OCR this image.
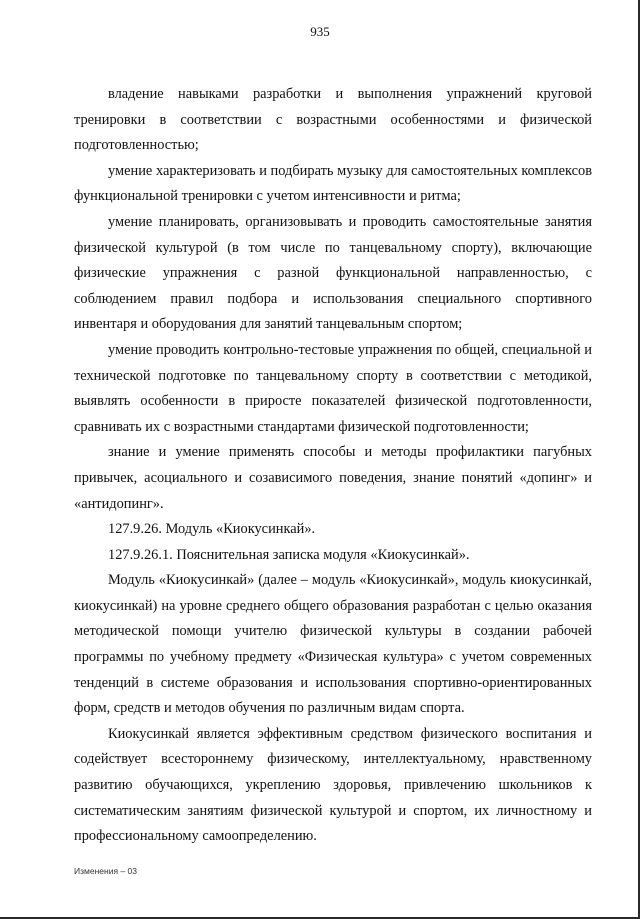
935

владение навыками разработки и выполнения упражнений круговой тренировки в соответствии с возрастными особенностями и физической подготовленностью;

умение характеризовать и подбирать музыку для самостоятельных комплексов функциональной тренировки с учетом интенсивности и ритма;

умение планировать, организовывать и проводить самостоятельные занятия физической культурой (в том числе по танцевальному спорту), включающие физические упражнения с разной функциональной направленностью, с соблюдением правил подбора и использования специального спортивного инвентаря и оборудования для занятий танцевальным спортом;

умение проводить контрольно-тестовые упражнения по общей, специальной и технической подготовке по танцевальному спорту в соответствии с методикой, выявлять особенности в приросте показателей физической подготовленности, сравнивать их с возрастными стандартами физической подготовленности;

знание и умение применять способы и методы профилактики пагубных привычек, асоциального и созависимого поведения, знание понятий «допинг» и «антидопинг».

127.9.26. Модуль «Киокусинкай».

127.9.26.1. Пояснительная записка модуля «Киокусинкай».

Модуль «Киокусинкай» (далее – модуль «Киокусинкай», модуль киокусинкай, киокусинкай) на уровне среднего общего образования разработан с целью оказания методической помощи учителю физической культуры в создании рабочей программы по учебному предмету «Физическая культура» с учетом современных тенденций в системе образования и использования спортивно-ориентированных форм, средств и методов обучения по различным видам спорта.

Киокусинкай является эффективным средством физического воспитания и содействует всестороннему физическому, интеллектуальному, нравственному развитию обучающихся, укреплению здоровья, привлечению школьников к систематическим занятиям физической культурой и спортом, их личностному и профессиональному самоопределению.

Изменения – 03
